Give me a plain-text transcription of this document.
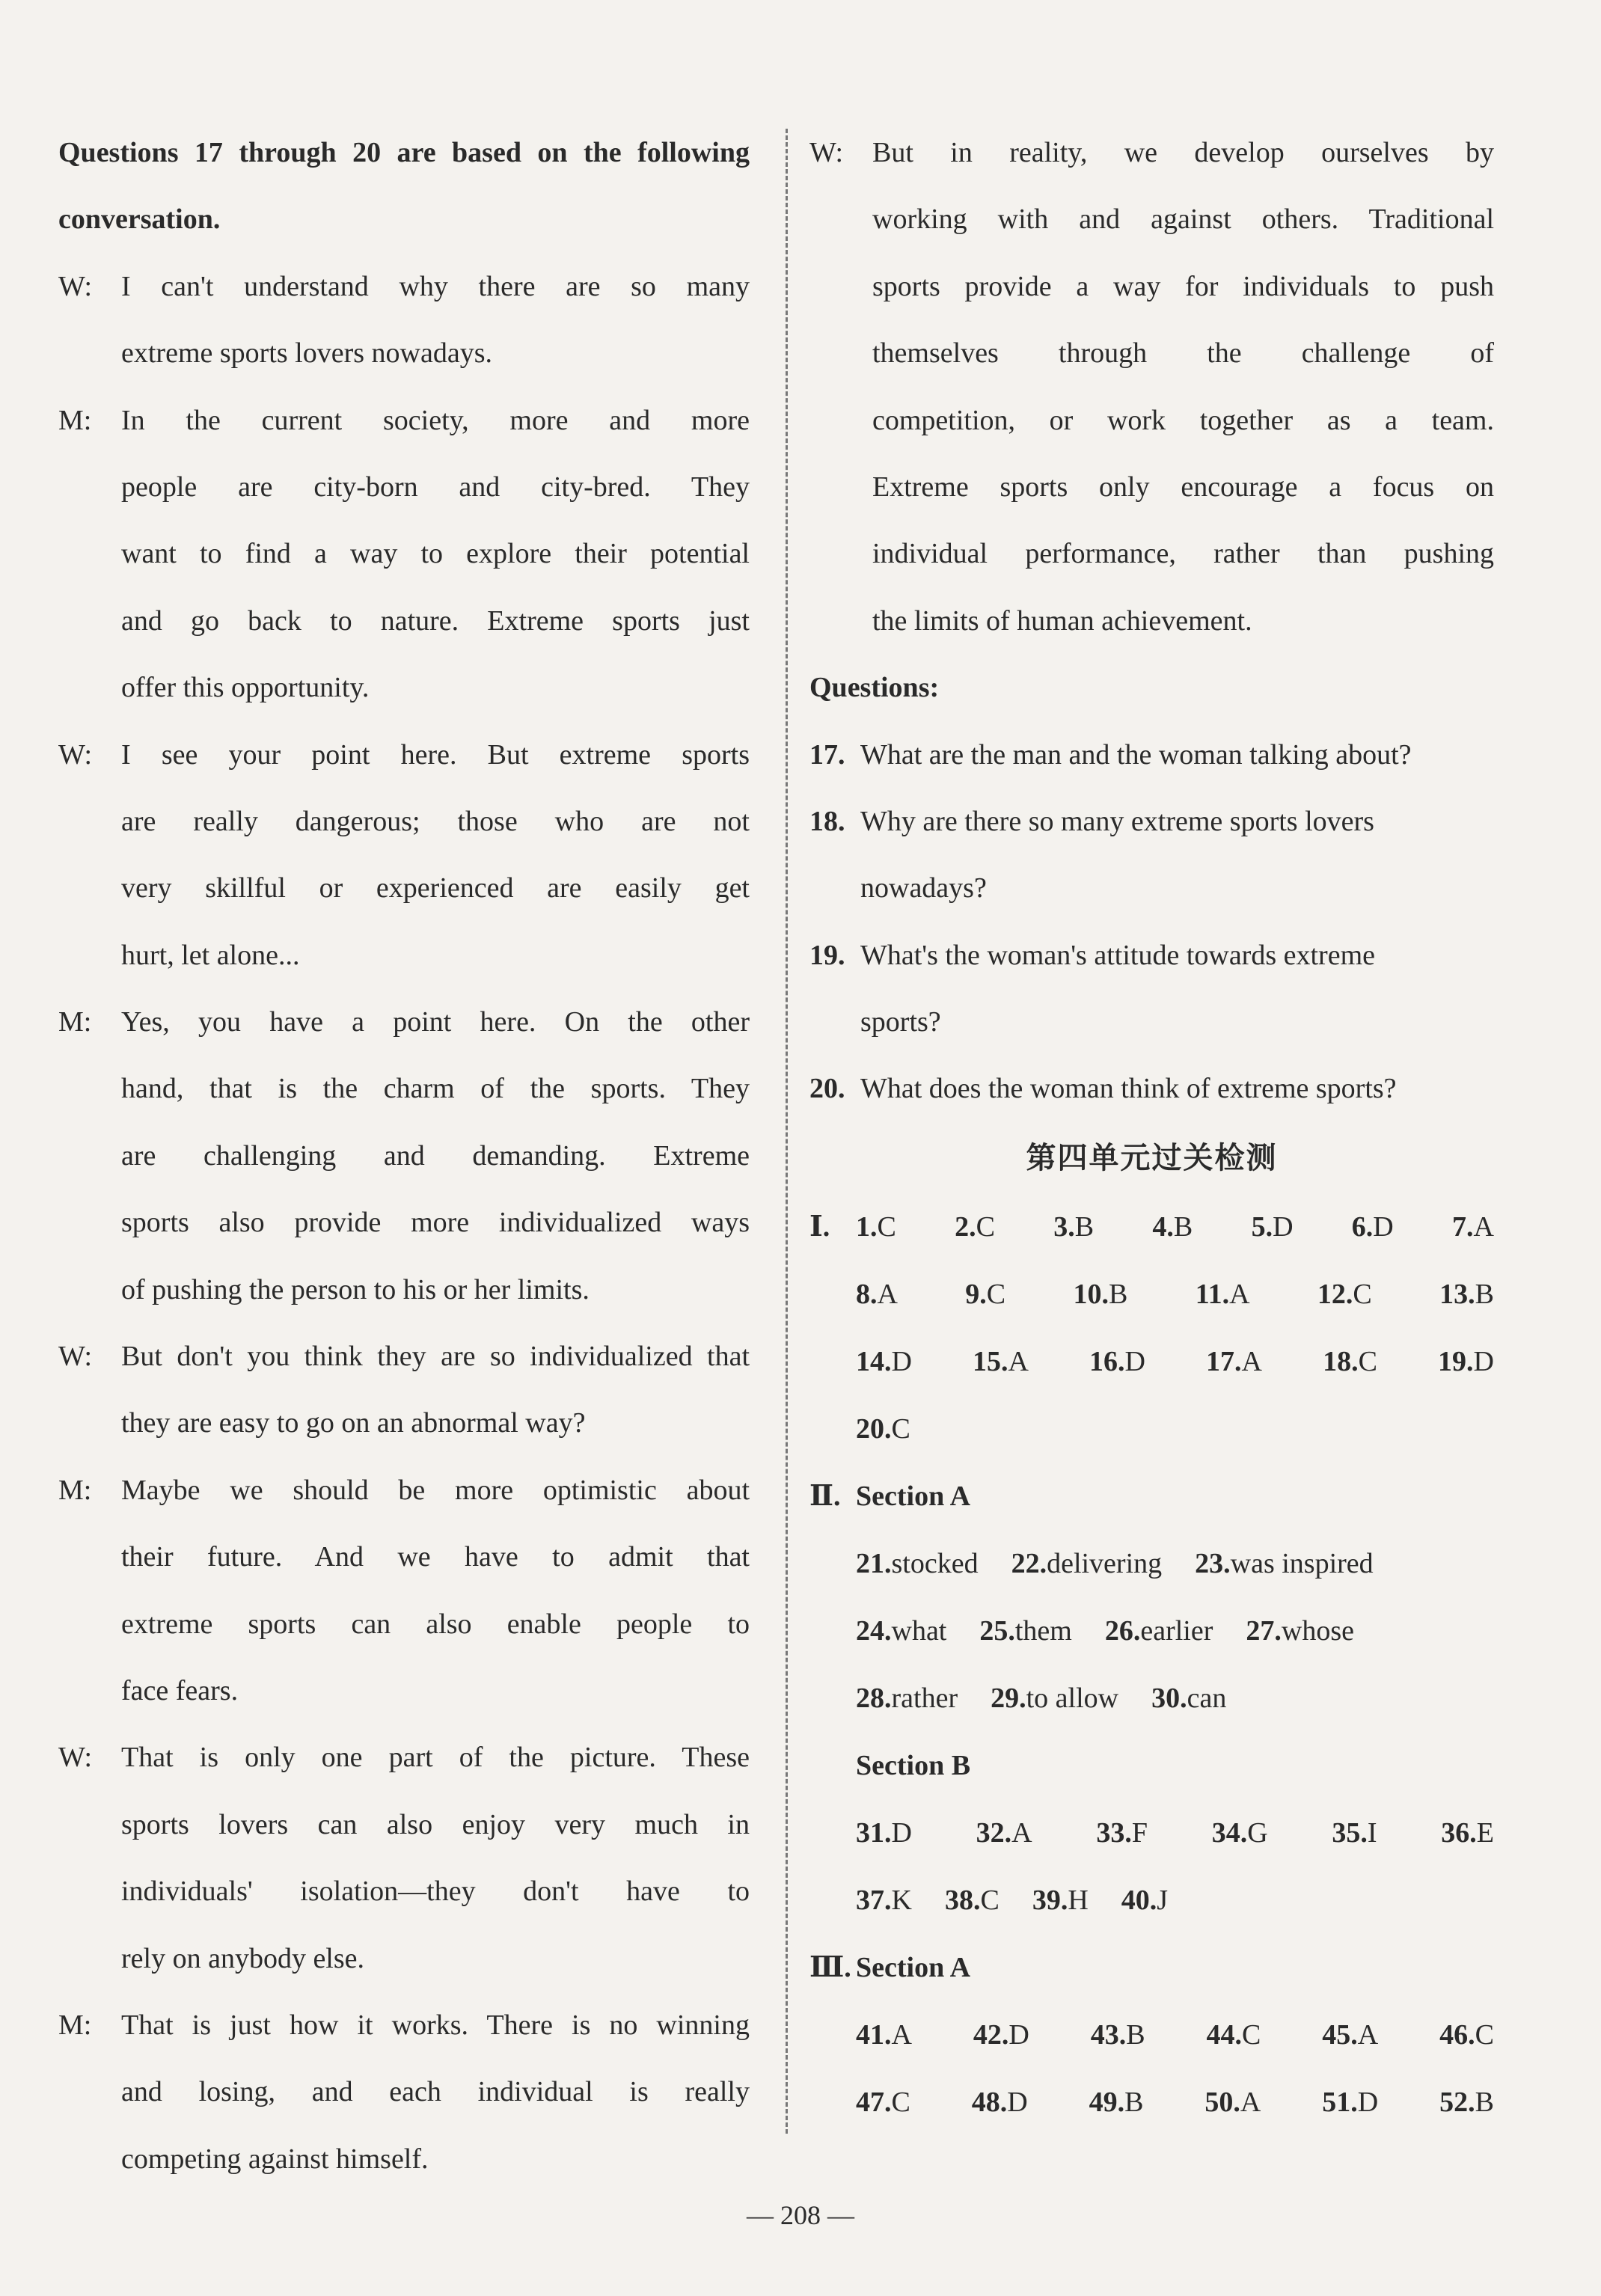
Questions 17 through 20 are based on the following
conversation.
W:	I can't understand why there are so many
extreme sports lovers nowadays.
M:	In the current society, more and more
people are city-born and city-bred. They
want to find a way to explore their potential
and go back to nature. Extreme sports just
offer this opportunity.
W:	I see your point here. But extreme sports
are really dangerous; those who are not
very skillful or experienced are easily get
hurt, let alone...
M:	Yes, you have a point here. On the other
hand, that is the charm of the sports. They
are challenging and demanding. Extreme
sports also provide more individualized ways
of pushing the person to his or her limits.
W:	But don't you think they are so individualized that
they are easy to go on an abnormal way?
M:	Maybe we should be more optimistic about
their future. And we have to admit that
extreme sports can also enable people to
face fears.
W:	That is only one part of the picture. These
sports lovers can also enjoy very much in
individuals' isolation—they don't have to
rely on anybody else.
M:	That is just how it works. There is no winning
and losing, and each individual is really
competing against himself.
W:	But in reality, we develop ourselves by
working with and against others. Traditional
sports provide a way for individuals to push
themselves through the challenge of
competition, or work together as a team.
Extreme sports only encourage a focus on
individual performance, rather than pushing
the limits of human achievement.
Questions:
17. What are the man and the woman talking about?
18. Why are there so many extreme sports lovers
nowadays?
19. What's the woman's attitude towards extreme
sports?
20. What does the woman think of extreme sports?
第四单元过关检测
Ⅰ. 1.C 2.C 3.B 4.B 5.D 6.D 7.A
8.A 9.C 10.B 11.A 12.C 13.B
14.D 15.A 16.D 17.A 18.C 19.D
20.C
Ⅱ. Section A
21.stocked 22.delivering 23.was inspired
24.what 25.them 26.earlier 27.whose
28.rather 29.to allow 30.can
Section B
31.D 32.A 33.F 34.G 35.I 36.E
37.K 38.C 39.H 40.J
Ⅲ. Section A
41.A 42.D 43.B 44.C 45.A 46.C
47.C 48.D 49.B 50.A 51.D 52.B
— 208 —
